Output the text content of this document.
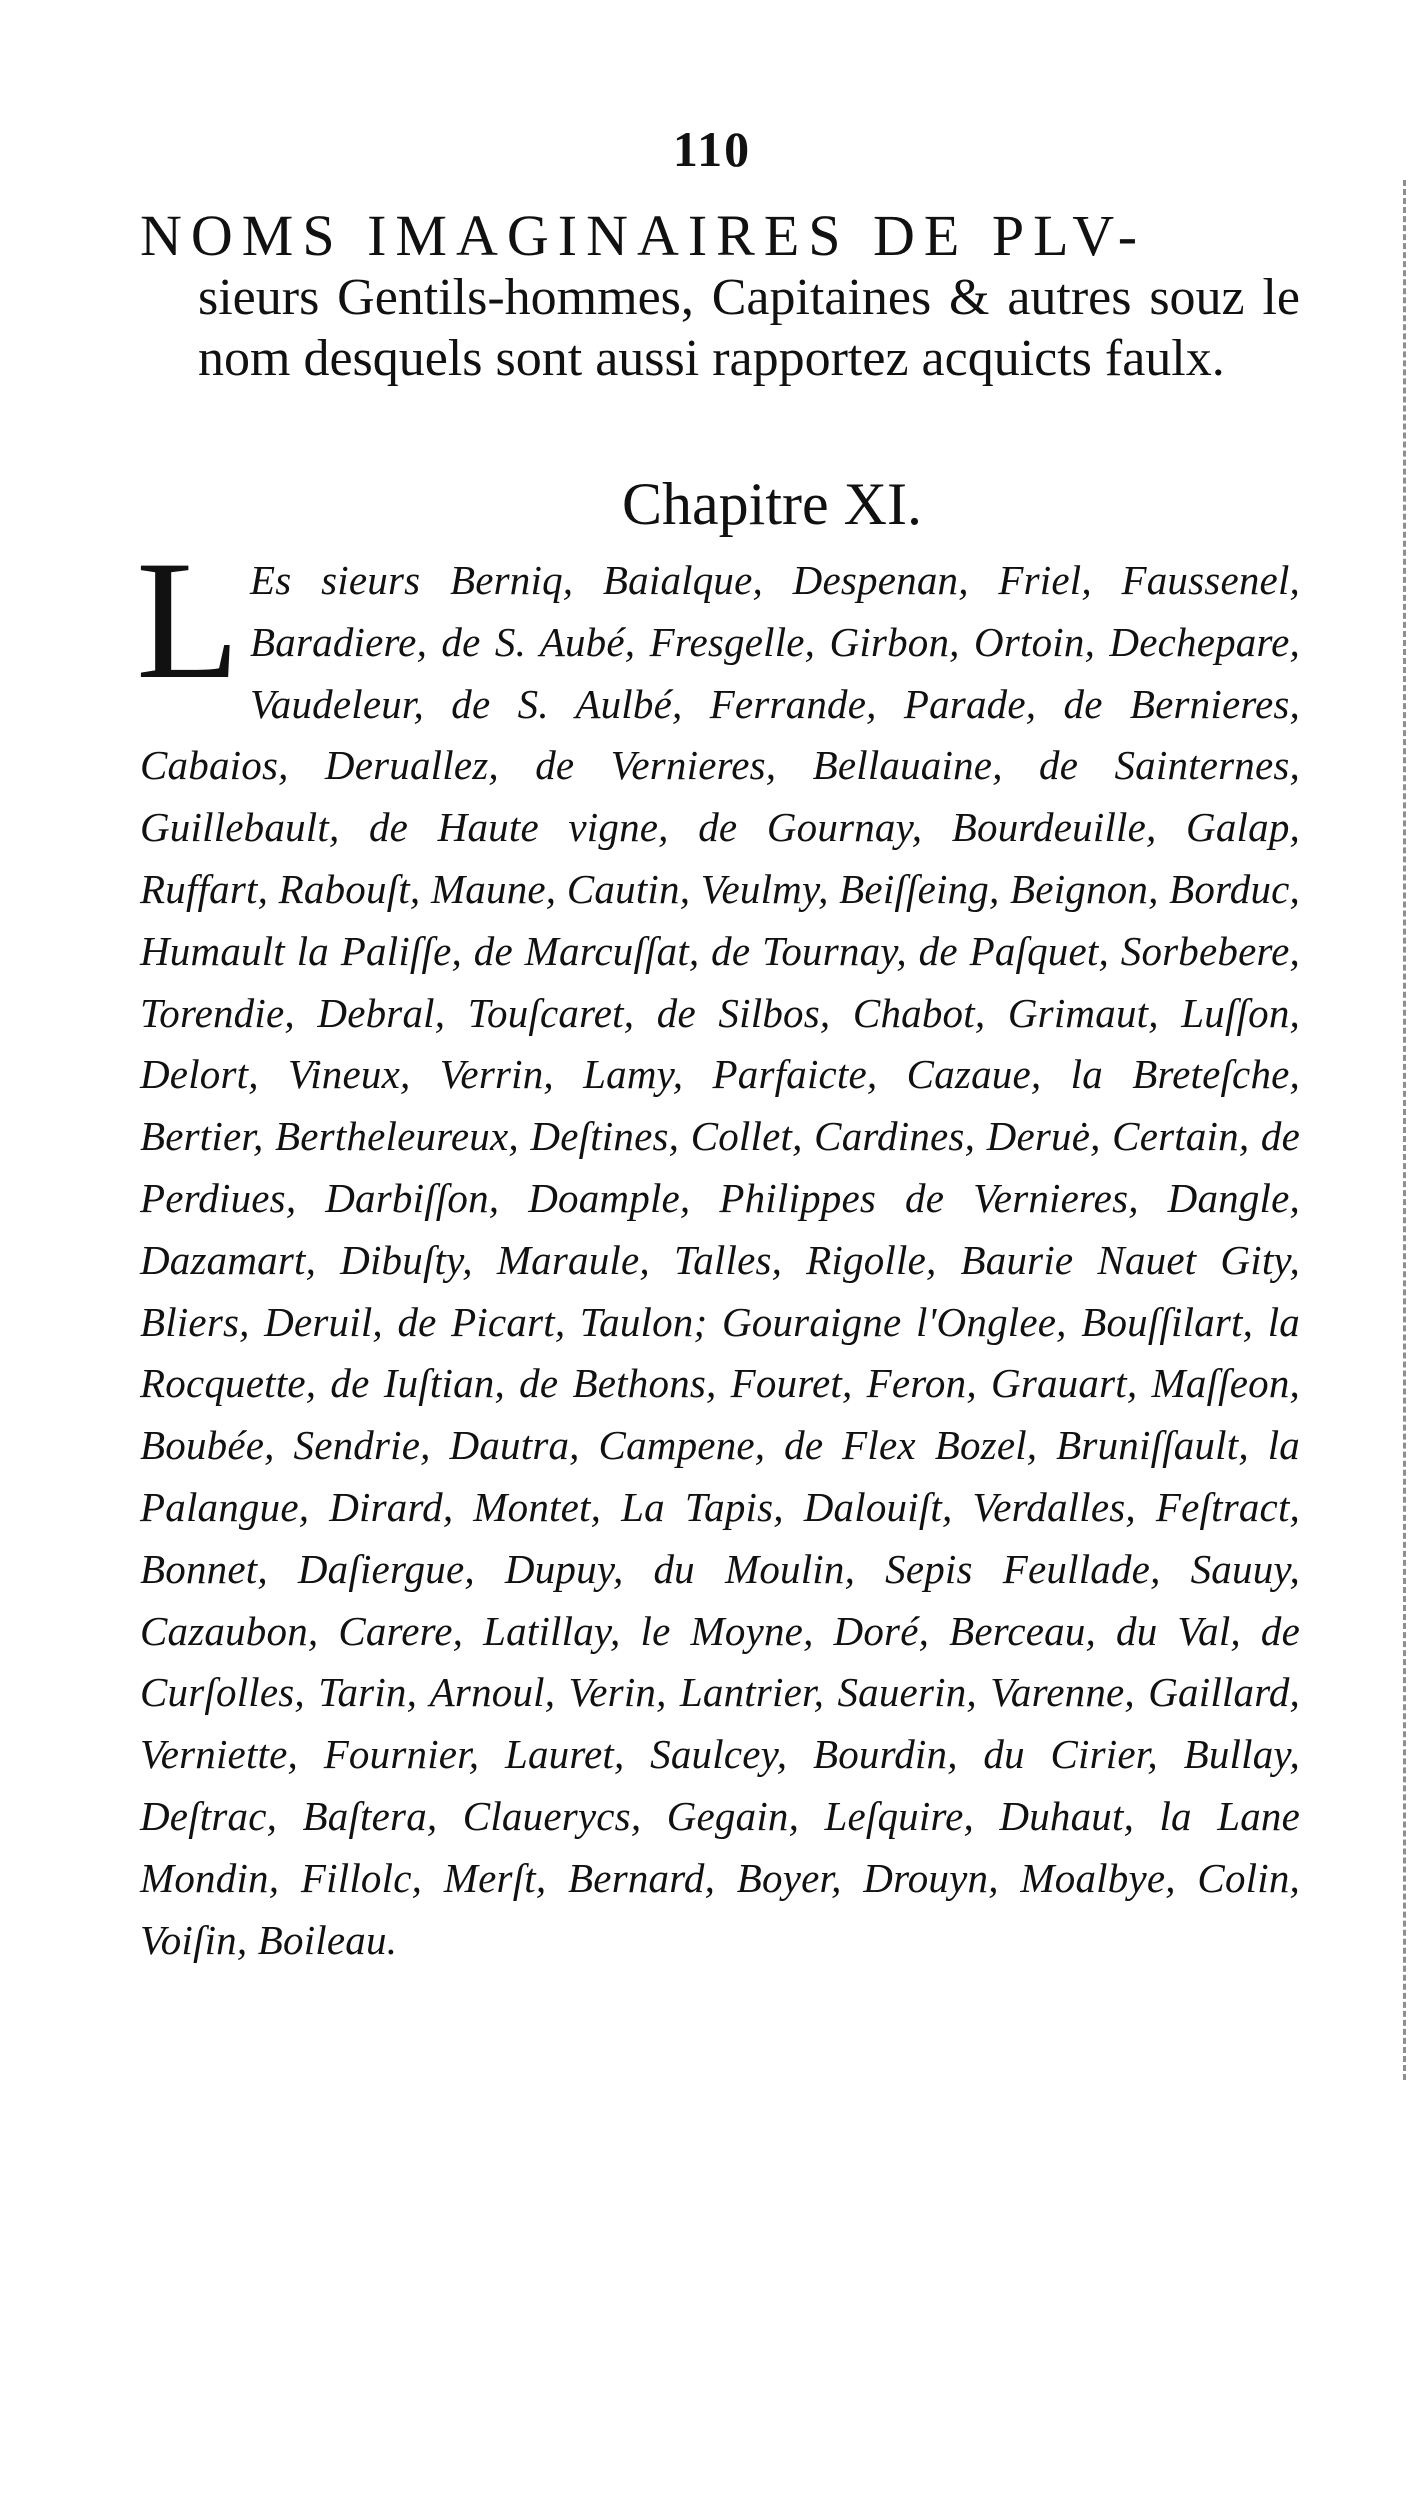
110
NOMS IMAGINAIRES DE PLV-
sieurs Gentils-hommes, Capitaines & autres souz le nom desquels sont aussi rapportez acquicts faulx.
Chapitre XI.
L Es sieurs Berniq, Baialque, Despenan, Friel, Faussenel, Baradiere, de S. Aubé, Fresgelle, Girbon, Ortoin, Dechepare, Vaudeleur, de S. Aulbé, Ferrande, Parade, de Bernieres, Cabaios, Deruallez, de Vernieres, Bellauaine, de Sainternes, Guillebault, de Haute vigne, de Gournay, Bourdeuille, Galap, Ruffart, Rabouſt, Maune, Cautin, Veulmy, Beiſſeing, Beignon, Borduc, Humault la Paliſſe, de Marcuſſat, de Tournay, de Paſquet, Sorbebere, Torendie, Debral, Touſcaret, de Silbos, Chabot, Grimaut, Luſſon, Delort, Vineux, Verrin, Lamy, Parfaicte, Cazaue, la Breteſche, Bertier, Bertheleureux, Deſtines, Collet, Cardines, Deruė, Certain, de Perdiues, Darbiſſon, Doample, Philippes de Vernieres, Dangle, Dazamart, Dibuſty, Maraule, Talles, Rigolle, Baurie Nauet Gity, Bliers, Deruil, de Picart, Taulon; Gouraigne l'Onglee, Bouſſilart, la Rocquette, de Iuſtian, de Bethons, Fouret, Feron, Grauart, Maſſeon, Boubée, Sendrie, Dautra, Campene, de Flex Bozel, Bruniſſault, la Palangue, Dirard, Montet, La Tapis, Dalouiſt, Verdalles, Feſtract, Bonnet, Daſiergue, Dupuy, du Moulin, Sepis Feullade, Sauuy, Cazaubon, Carere, Latillay, le Moyne, Doré, Berceau, du Val, de Curſolles, Tarin, Arnoul, Verin, Lantrier, Sauerin, Varenne, Gaillard, Verniette, Fournier, Lauret, Saulcey, Bourdin, du Cirier, Bullay, Deſtrac, Baſtera, Clauerycs, Gegain, Leſquire, Duhaut, la Lane Mondin, Fillolc, Merſt, Bernard, Boyer, Drouyn, Moalbye, Colin, Voiſin, Boileau.
